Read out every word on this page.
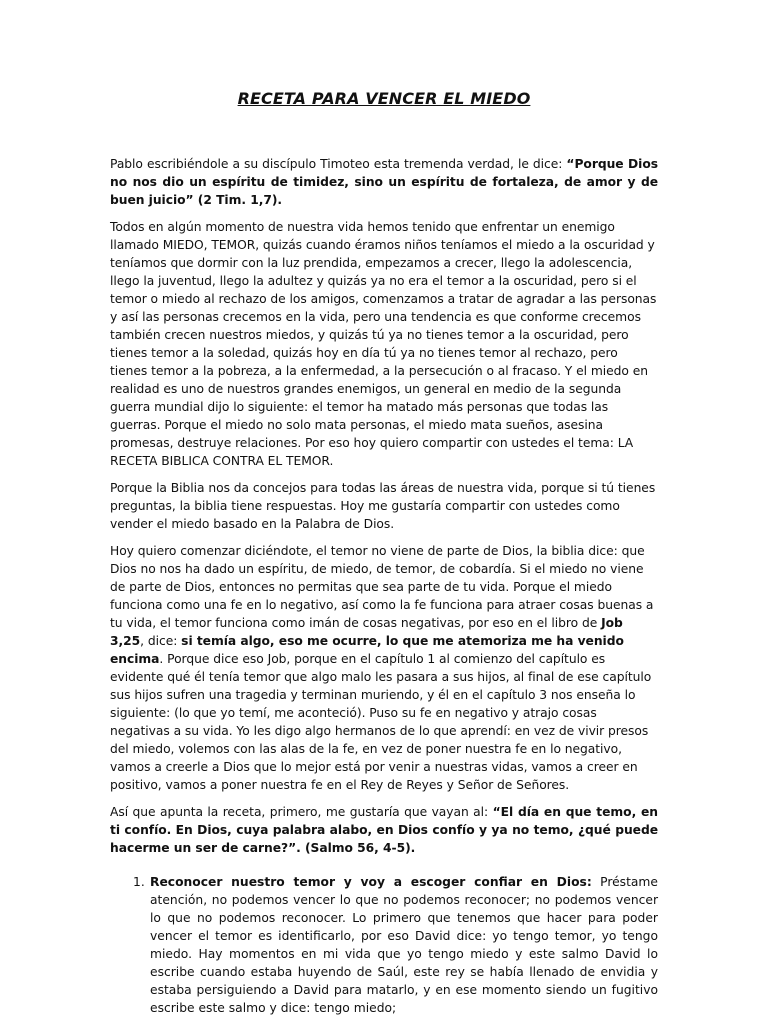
RECETA PARA VENCER EL MIEDO

Pablo escribiéndole a su discípulo Timoteo esta tremenda verdad, le dice: “Porque Dios no nos dio un espíritu de timidez, sino un espíritu de fortaleza, de amor y de buen juicio” (2 Tim. 1,7).

Todos en algún momento de nuestra vida hemos tenido que enfrentar un enemigo llamado MIEDO, TEMOR, quizás cuando éramos niños teníamos el miedo a la oscuridad y teníamos que dormir con la luz prendida, empezamos a crecer, llego la adolescencia, llego la juventud, llego la adultez y quizás ya no era el temor a la oscuridad, pero si el temor o miedo al rechazo de los amigos, comenzamos a tratar de agradar a las personas y así las personas crecemos en la vida, pero una tendencia es que conforme crecemos también crecen nuestros miedos, y quizás tú ya no tienes temor a la oscuridad, pero tienes temor a la soledad, quizás hoy en día tú ya no tienes temor al rechazo, pero tienes temor a la pobreza, a la enfermedad, a la persecución o al fracaso. Y el miedo en realidad es uno de nuestros grandes enemigos, un general en medio de la segunda guerra mundial dijo lo siguiente: el temor ha matado más personas que todas las guerras. Porque el miedo no solo mata personas, el miedo mata sueños, asesina promesas, destruye relaciones. Por eso hoy quiero compartir con ustedes el tema: LA RECETA BIBLICA CONTRA EL TEMOR.

Porque la Biblia nos da concejos para todas las áreas de nuestra vida, porque si tú tienes preguntas, la biblia tiene respuestas. Hoy me gustaría compartir con ustedes como vender el miedo basado en la Palabra de Dios.

Hoy quiero comenzar diciéndote, el temor no viene de parte de Dios, la biblia dice: que Dios no nos ha dado un espíritu, de miedo, de temor, de cobardía. Si el miedo no viene de parte de Dios, entonces no permitas que sea parte de tu vida. Porque el miedo funciona como una fe en lo negativo, así como la fe funciona para atraer cosas buenas a tu vida, el temor funciona como imán de cosas negativas, por eso en el libro de Job 3,25, dice: si temía algo, eso me ocurre, lo que me atemoriza me ha venido encima. Porque dice eso Job, porque en el capítulo 1 al comienzo del capítulo es evidente qué él tenía temor que algo malo les pasara a sus hijos, al final de ese capítulo sus hijos sufren una tragedia y terminan muriendo, y él en el capítulo 3 nos enseña lo siguiente: (lo que yo temí, me aconteció). Puso su fe en negativo y atrajo cosas negativas a su vida. Yo les digo algo hermanos de lo que aprendí: en vez de vivir presos del miedo, volemos con las alas de la fe, en vez de poner nuestra fe en lo negativo, vamos a creerle a Dios que lo mejor está por venir a nuestras vidas, vamos a creer en positivo, vamos a poner nuestra fe en el Rey de Reyes y Señor de Señores.

Así que apunta la receta, primero, me gustaría que vayan al: “El día en que temo, en ti confío. En Dios, cuya palabra alabo, en Dios confío y ya no temo, ¿qué puede hacerme un ser de carne?”. (Salmo 56, 4-5).

1. Reconocer nuestro temor y voy a escoger confiar en Dios: Préstame atención, no podemos vencer lo que no podemos reconocer; no podemos vencer lo que no podemos reconocer. Lo primero que tenemos que hacer para poder vencer el temor es identificarlo, por eso David dice: yo tengo temor, yo tengo miedo. Hay momentos en mi vida que yo tengo miedo y este salmo David lo escribe cuando estaba huyendo de Saúl, este rey se había llenado de envidia y estaba persiguiendo a David para matarlo, y en ese momento siendo un fugitivo escribe este salmo y dice: tengo miedo;
